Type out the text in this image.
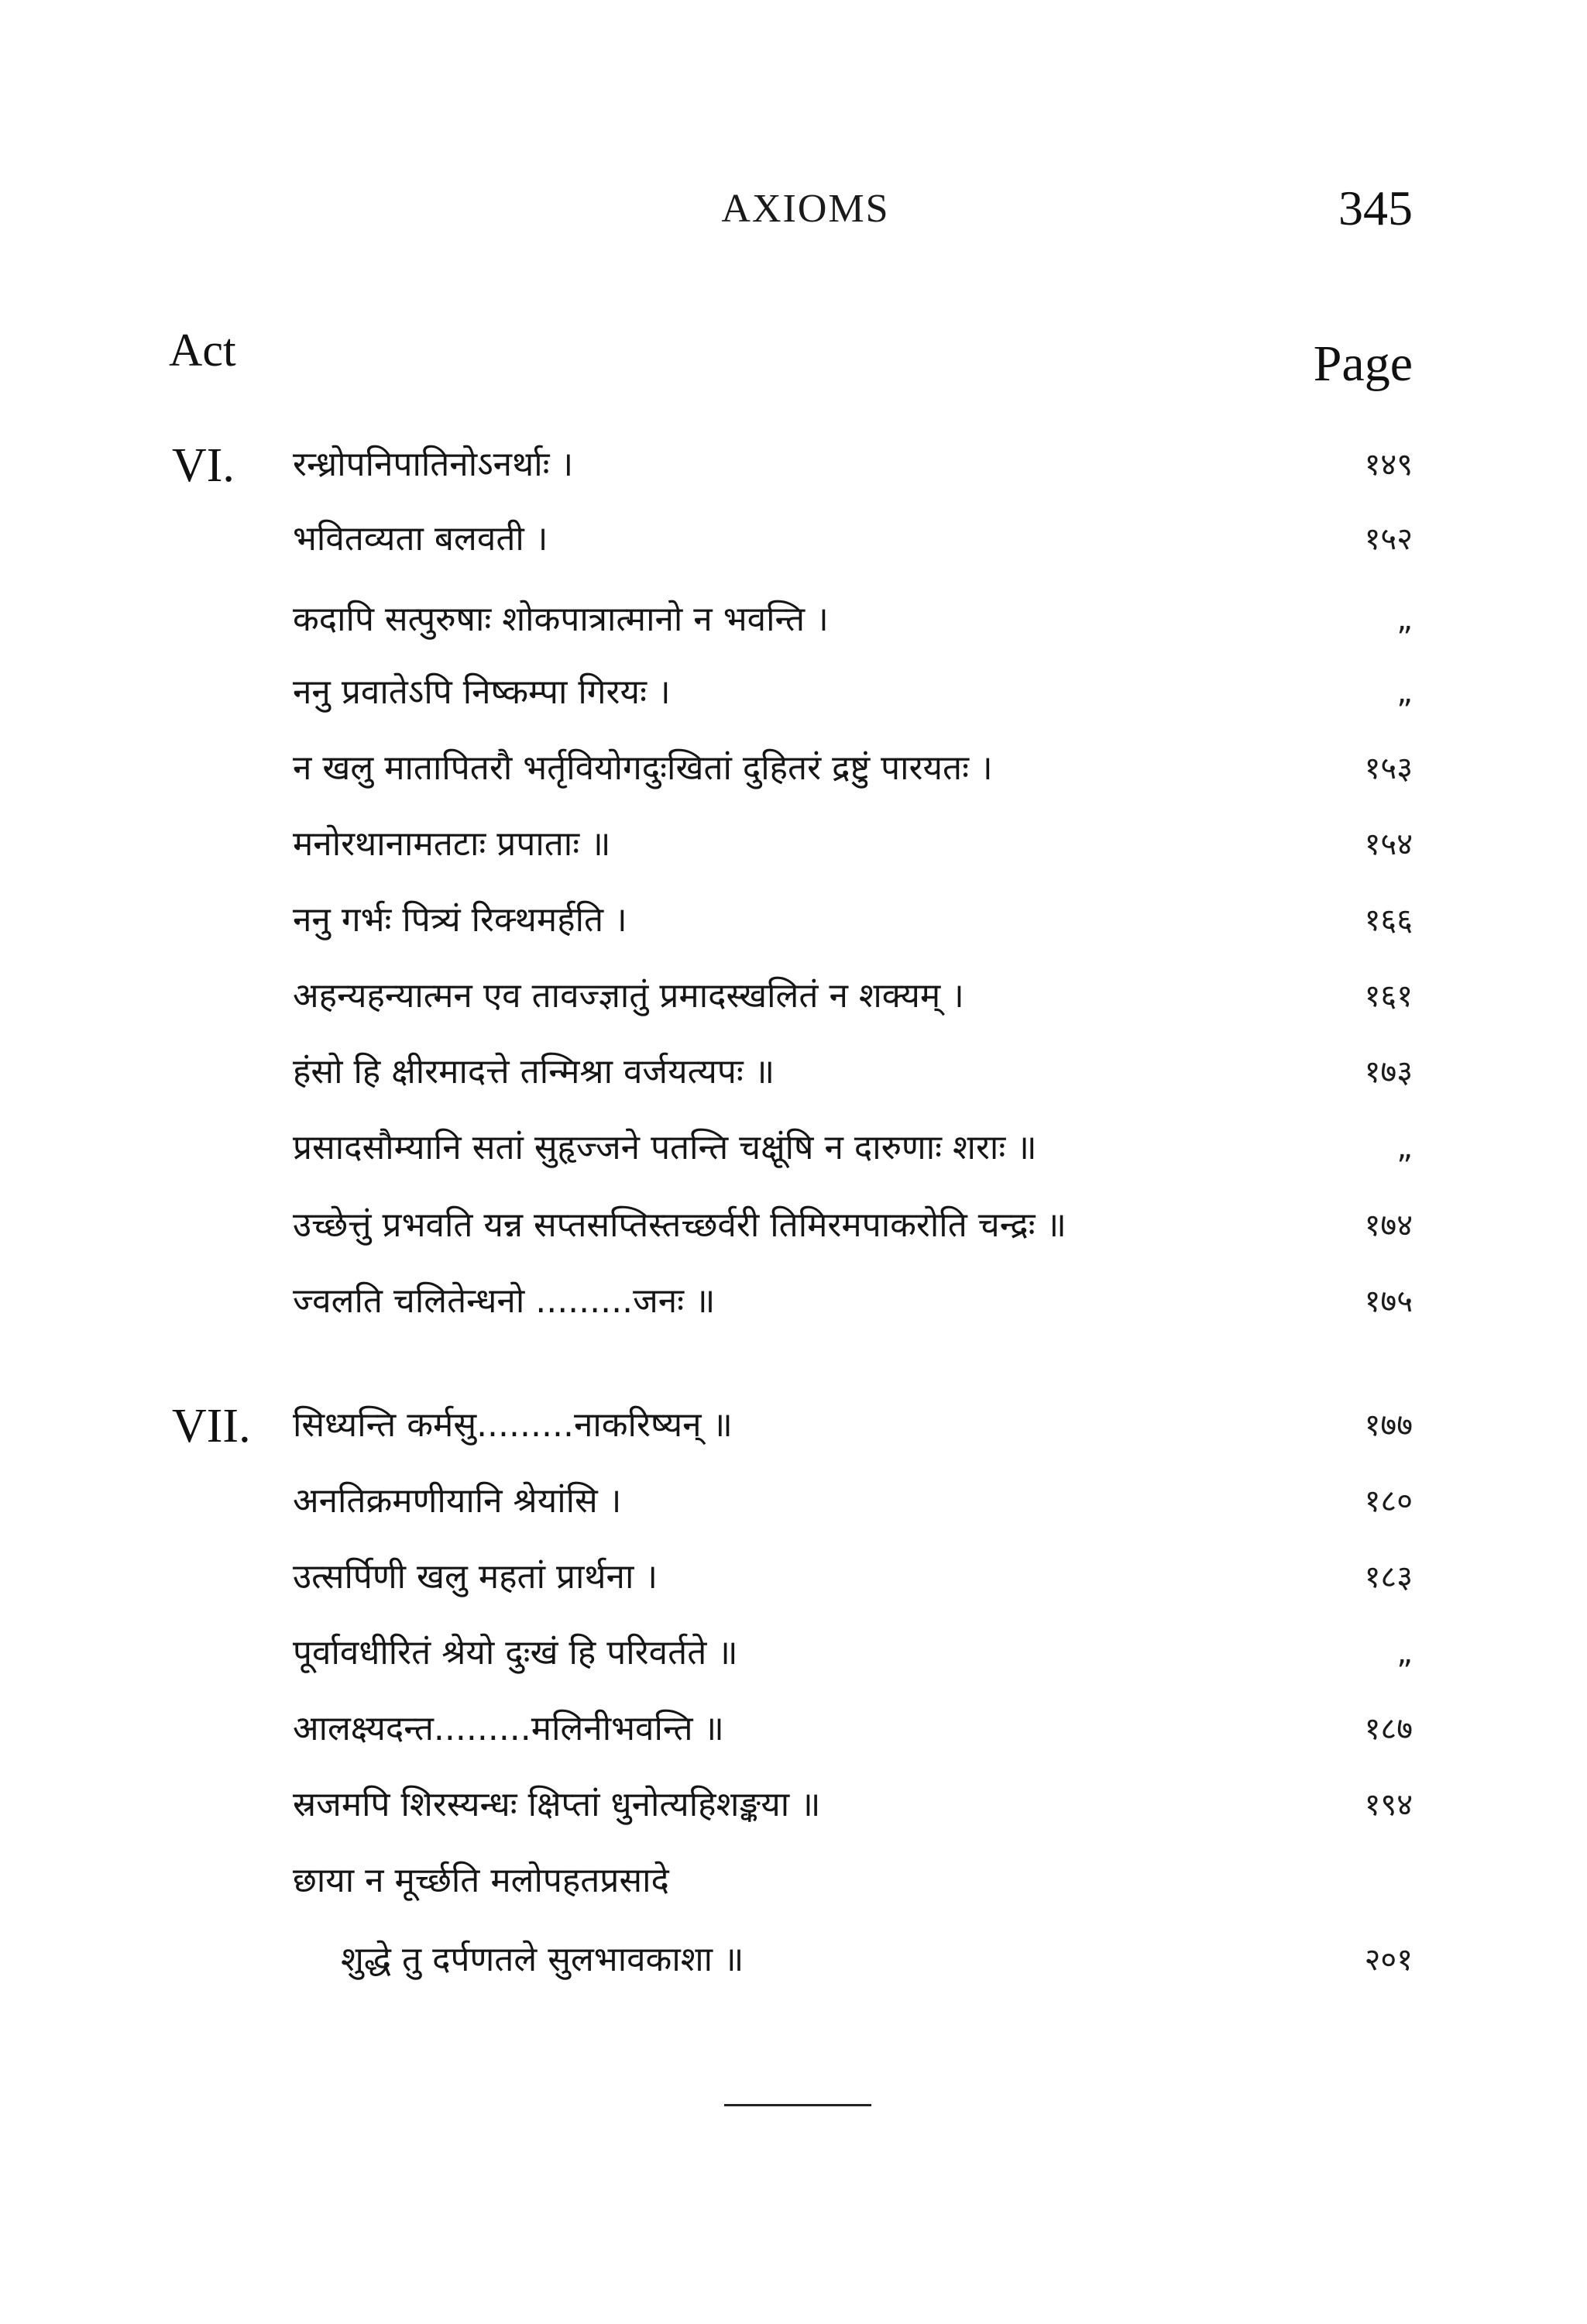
AXIOMS	345
Act	Page
VI.	रन्ध्रोपनिपातिनोऽनर्थाः ।	१४९
भवितव्यता बलवती ।	१५२
कदापि सत्पुरुषाः शोकपात्रात्मानो न भवन्ति ।	„
ननु प्रवातेऽपि निष्कम्पा गिरयः ।	„
न खलु मातापितरौ भर्तृवियोगदुःखितां दुहितरं द्रष्टुं पारयतः ।	१५३
मनोरथानामतटाः प्रपाताः ॥	१५४
ननु गर्भः पित्र्यं रिक्थमर्हति ।	१६६
अहन्यहन्यात्मन एव तावज्ज्ञातुं प्रमादस्खलितं न शक्यम् ।	१६१
हंसो हि क्षीरमादत्ते तन्मिश्रा वर्जयत्यपः ॥	१७३
प्रसादसौम्यानि सतां सुहृज्जने पतन्ति चक्षूंषि न दारुणाः शराः ॥	„
उच्छेत्तुं प्रभवति यन्न सप्तसप्तिस्तच्छर्वरी तिमिरमपाकरोति चन्द्रः ॥	१७४
ज्वलति चलितेन्धनो .........जनः ॥	१७५
VII.	सिध्यन्ति कर्मसु.........नाकरिष्यन् ॥	१७७
अनतिक्रमणीयानि श्रेयांसि ।	१८०
उत्सर्पिणी खलु महतां प्रार्थना ।	१८३
पूर्वावधीरितं श्रेयो दुःखं हि परिवर्तते ॥	„
आलक्ष्यदन्त.........मलिनीभवन्ति ॥	१८७
स्रजमपि शिरस्यन्धः क्षिप्तां धुनोत्यहिशङ्कया ॥	१९४
छाया न मूर्च्छति मलोपहतप्रसादे
शुद्धे तु दर्पणतले सुलभावकाशा ॥	२०१
